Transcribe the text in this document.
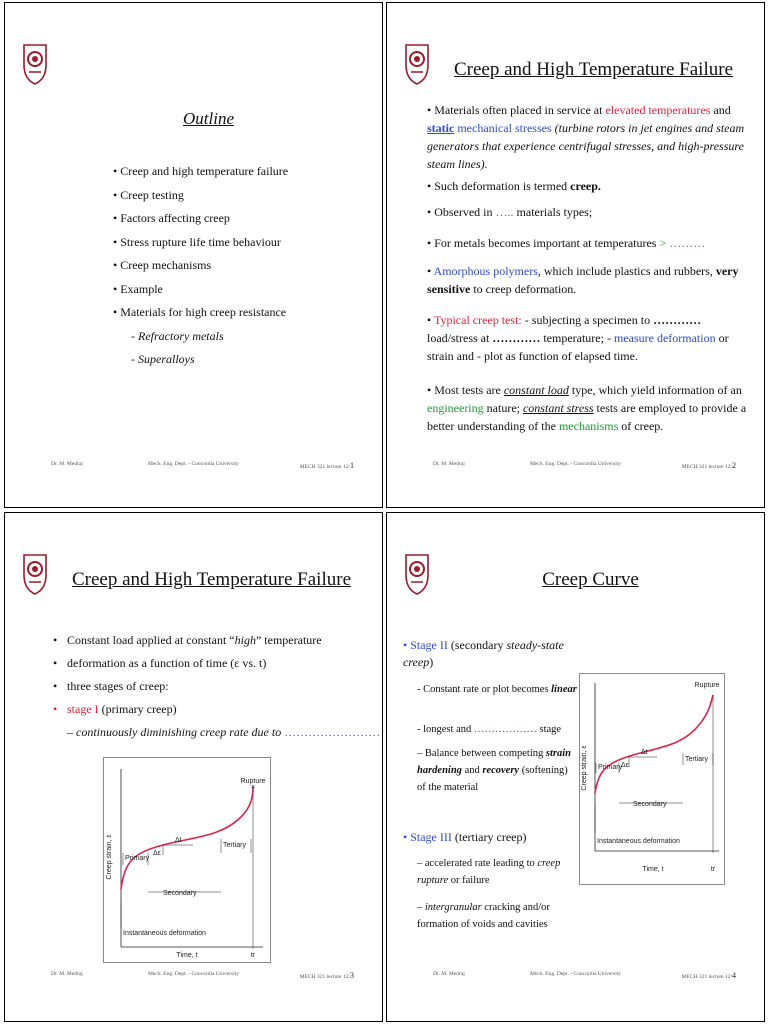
Outline
• Creep and high temperature failure
• Creep testing
• Factors affecting creep
• Stress rupture life time behaviour
• Creep mechanisms
• Example
• Materials for high creep resistance
- Refractory metals
- Superalloys
Dr. M. Medraj	Mech. Eng. Dept. - Concordia University	MECH 321 lecture 12/1
Creep and High Temperature Failure
• Materials often placed in service at elevated temperatures and static mechanical stresses (turbine rotors in jet engines and steam generators that experience centrifugal stresses, and high-pressure steam lines).
• Such deformation is termed creep.
• Observed in ….. materials types;
• For metals becomes important at temperatures > ………
• Amorphous polymers, which include plastics and rubbers, very sensitive to creep deformation.
• Typical creep test: - subjecting a specimen to ………… load/stress at ………… temperature; - measure deformation or strain and - plot as function of elapsed time.
• Most tests are constant load type, which yield information of an engineering nature; constant stress tests are employed to provide a better understanding of the mechanisms of creep.
Dr. M. Medraj	Mech. Eng. Dept. - Concordia University	MECH 321 lecture 12/2
Creep and High Temperature Failure
• Constant load applied at constant “high” temperature
• deformation as a function of time (ε vs. t)
• three stages of creep:
• stage I (primary creep)
– continuously diminishing creep rate due to ……………………
Rupture
×
Primary
Tertiary
Secondary
Δt
Δε
Instantaneous deformation
tr
Time, t
Creep strain, ε
Dr. M. Medraj	Mech. Eng. Dept. - Concordia University	MECH 321 lecture 12/3
Creep Curve
• Stage II (secondary steady-state creep)
- Constant rate or plot becomes linear
- longest and ……………… stage
– Balance between competing strain hardening and recovery (softening) of the material
• Stage III (tertiary creep)
– accelerated rate leading to creep rupture or failure
– intergranular cracking and/or formation of voids and cavities
Rupture
Primary
Tertiary
Secondary
Δt
Δε
Instantaneous deformation
tr
Time, t
Creep strain, ε
Dr. M. Medraj	Mech. Eng. Dept. - Concordia University	MECH 321 lecture 12/4
